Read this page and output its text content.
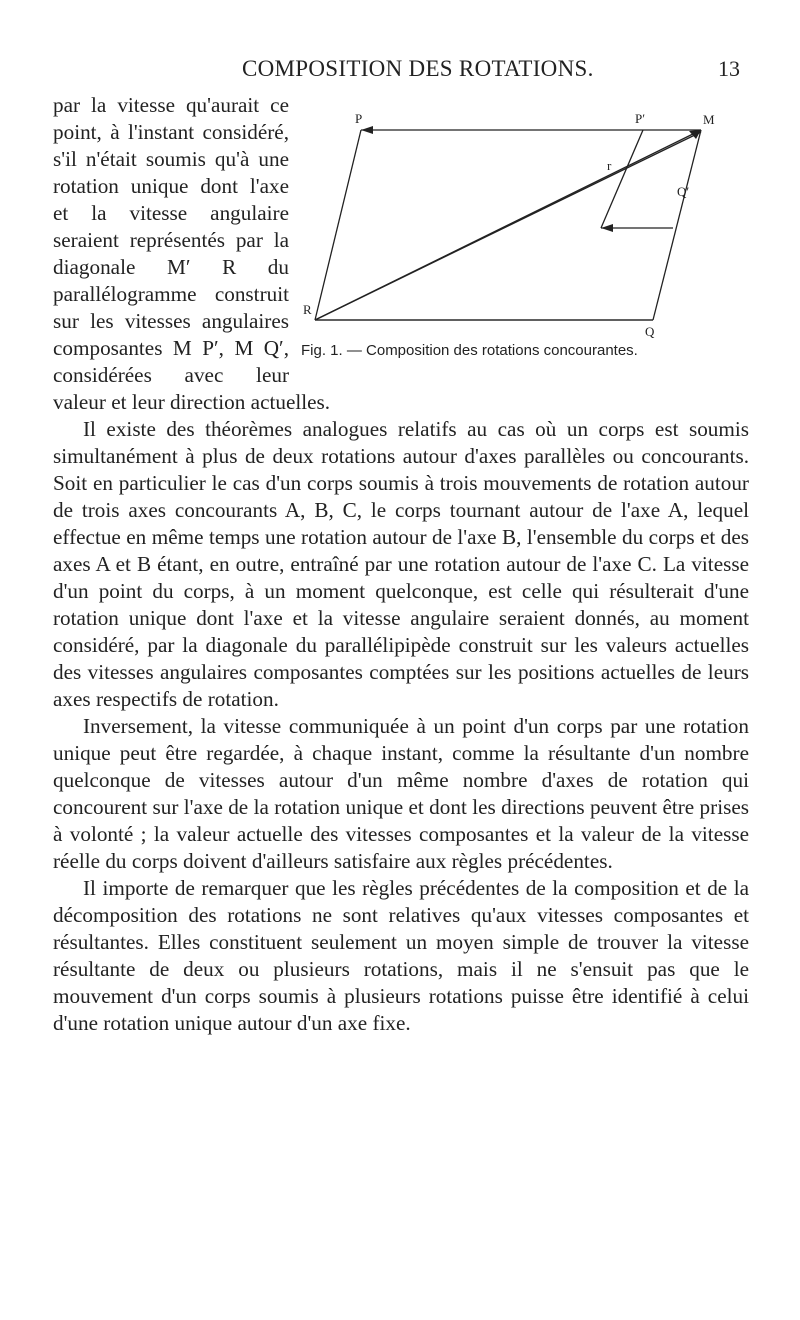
COMPOSITION DES ROTATIONS.	13
P	P′	M
Q′
Q
R
r
Fig. 1. — Composition des rotations concourantes.

par la vitesse qu'aurait ce point, à l'instant considéré, s'il n'était soumis qu'à une rotation unique dont l'axe et la vitesse angulaire seraient représentés par la diagonale M′ R du parallélogramme construit sur les vitesses angulaires composantes M P′, M Q′, considérées avec leur valeur et leur direction actuelles.

Il existe des théorèmes analogues relatifs au cas où un corps est soumis simultanément à plus de deux rotations autour d'axes parallèles ou concourants. Soit en particulier le cas d'un corps soumis à trois mouvements de rotation autour de trois axes concourants A, B, C, le corps tournant autour de l'axe A, lequel effectue en même temps une rotation autour de l'axe B, l'ensemble du corps et des axes A et B étant, en outre, entraîné par une rotation autour de l'axe C. La vitesse d'un point du corps, à un moment quelconque, est celle qui résulterait d'une rotation unique dont l'axe et la vitesse angulaire seraient donnés, au moment considéré, par la diagonale du parallélipipède construit sur les valeurs actuelles des vitesses angulaires composantes comptées sur les positions actuelles de leurs axes respectifs de rotation.

Inversement, la vitesse communiquée à un point d'un corps par une rotation unique peut être regardée, à chaque instant, comme la résultante d'un nombre quelconque de vitesses autour d'un même nombre d'axes de rotation qui concourent sur l'axe de la rotation unique et dont les directions peuvent être prises à volonté ; la valeur actuelle des vitesses composantes et la valeur de la vitesse réelle du corps doivent d'ailleurs satisfaire aux règles précédentes.

Il importe de remarquer que les règles précédentes de la composition et de la décomposition des rotations ne sont relatives qu'aux vitesses composantes et résultantes. Elles constituent seulement un moyen simple de trouver la vitesse résultante de deux ou plusieurs rotations, mais il ne s'ensuit pas que le mouvement d'un corps soumis à plusieurs rotations puisse être identifié à celui d'une rotation unique autour d'un axe fixe.
